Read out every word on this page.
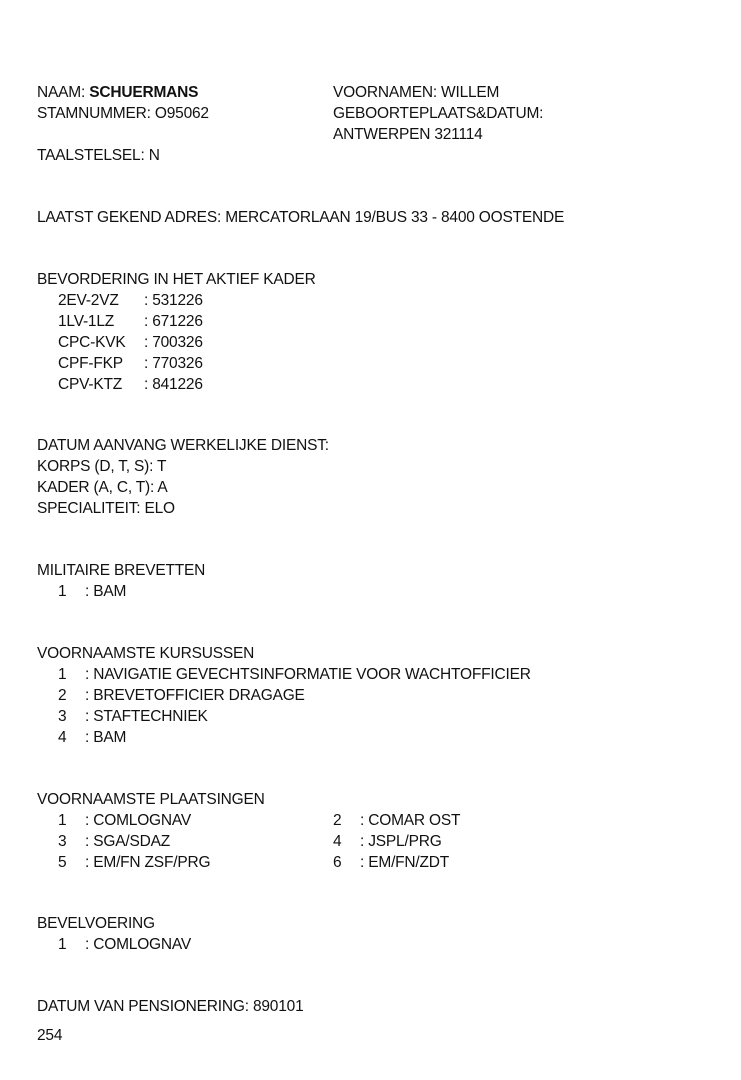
NAAM: SCHUERMANS	VOORNAMEN: WILLEM
STAMNUMMER: O95062	GEBOORTEPLAATS&DATUM:
ANTWERPEN 321114
TAALSTELSEL: N
LAATST GEKEND ADRES: MERCATORLAAN 19/BUS 33 - 8400 OOSTENDE
BEVORDERING IN HET AKTIEF KADER
2EV-2VZ : 531226
1LV-1LZ : 671226
CPC-KVK : 700326
CPF-FKP : 770326
CPV-KTZ : 841226
DATUM AANVANG WERKELIJKE DIENST:
KORPS (D, T, S): T
KADER (A, C, T): A
SPECIALITEIT: ELO
MILITAIRE BREVETTEN
1 : BAM
VOORNAAMSTE KURSUSSEN
1 : NAVIGATIE GEVECHTSINFORMATIE VOOR WACHTOFFICIER
2 : BREVETOFFICIER DRAGAGE
3 : STAFTECHNIEK
4 : BAM
VOORNAAMSTE PLAATSINGEN
1 : COMLOGNAV	2 : COMAR OST
3 : SGA/SDAZ	4 : JSPL/PRG
5 : EM/FN ZSF/PRG	6 : EM/FN/ZDT
BEVELVOERING
1 : COMLOGNAV
DATUM VAN PENSIONERING: 890101
254
